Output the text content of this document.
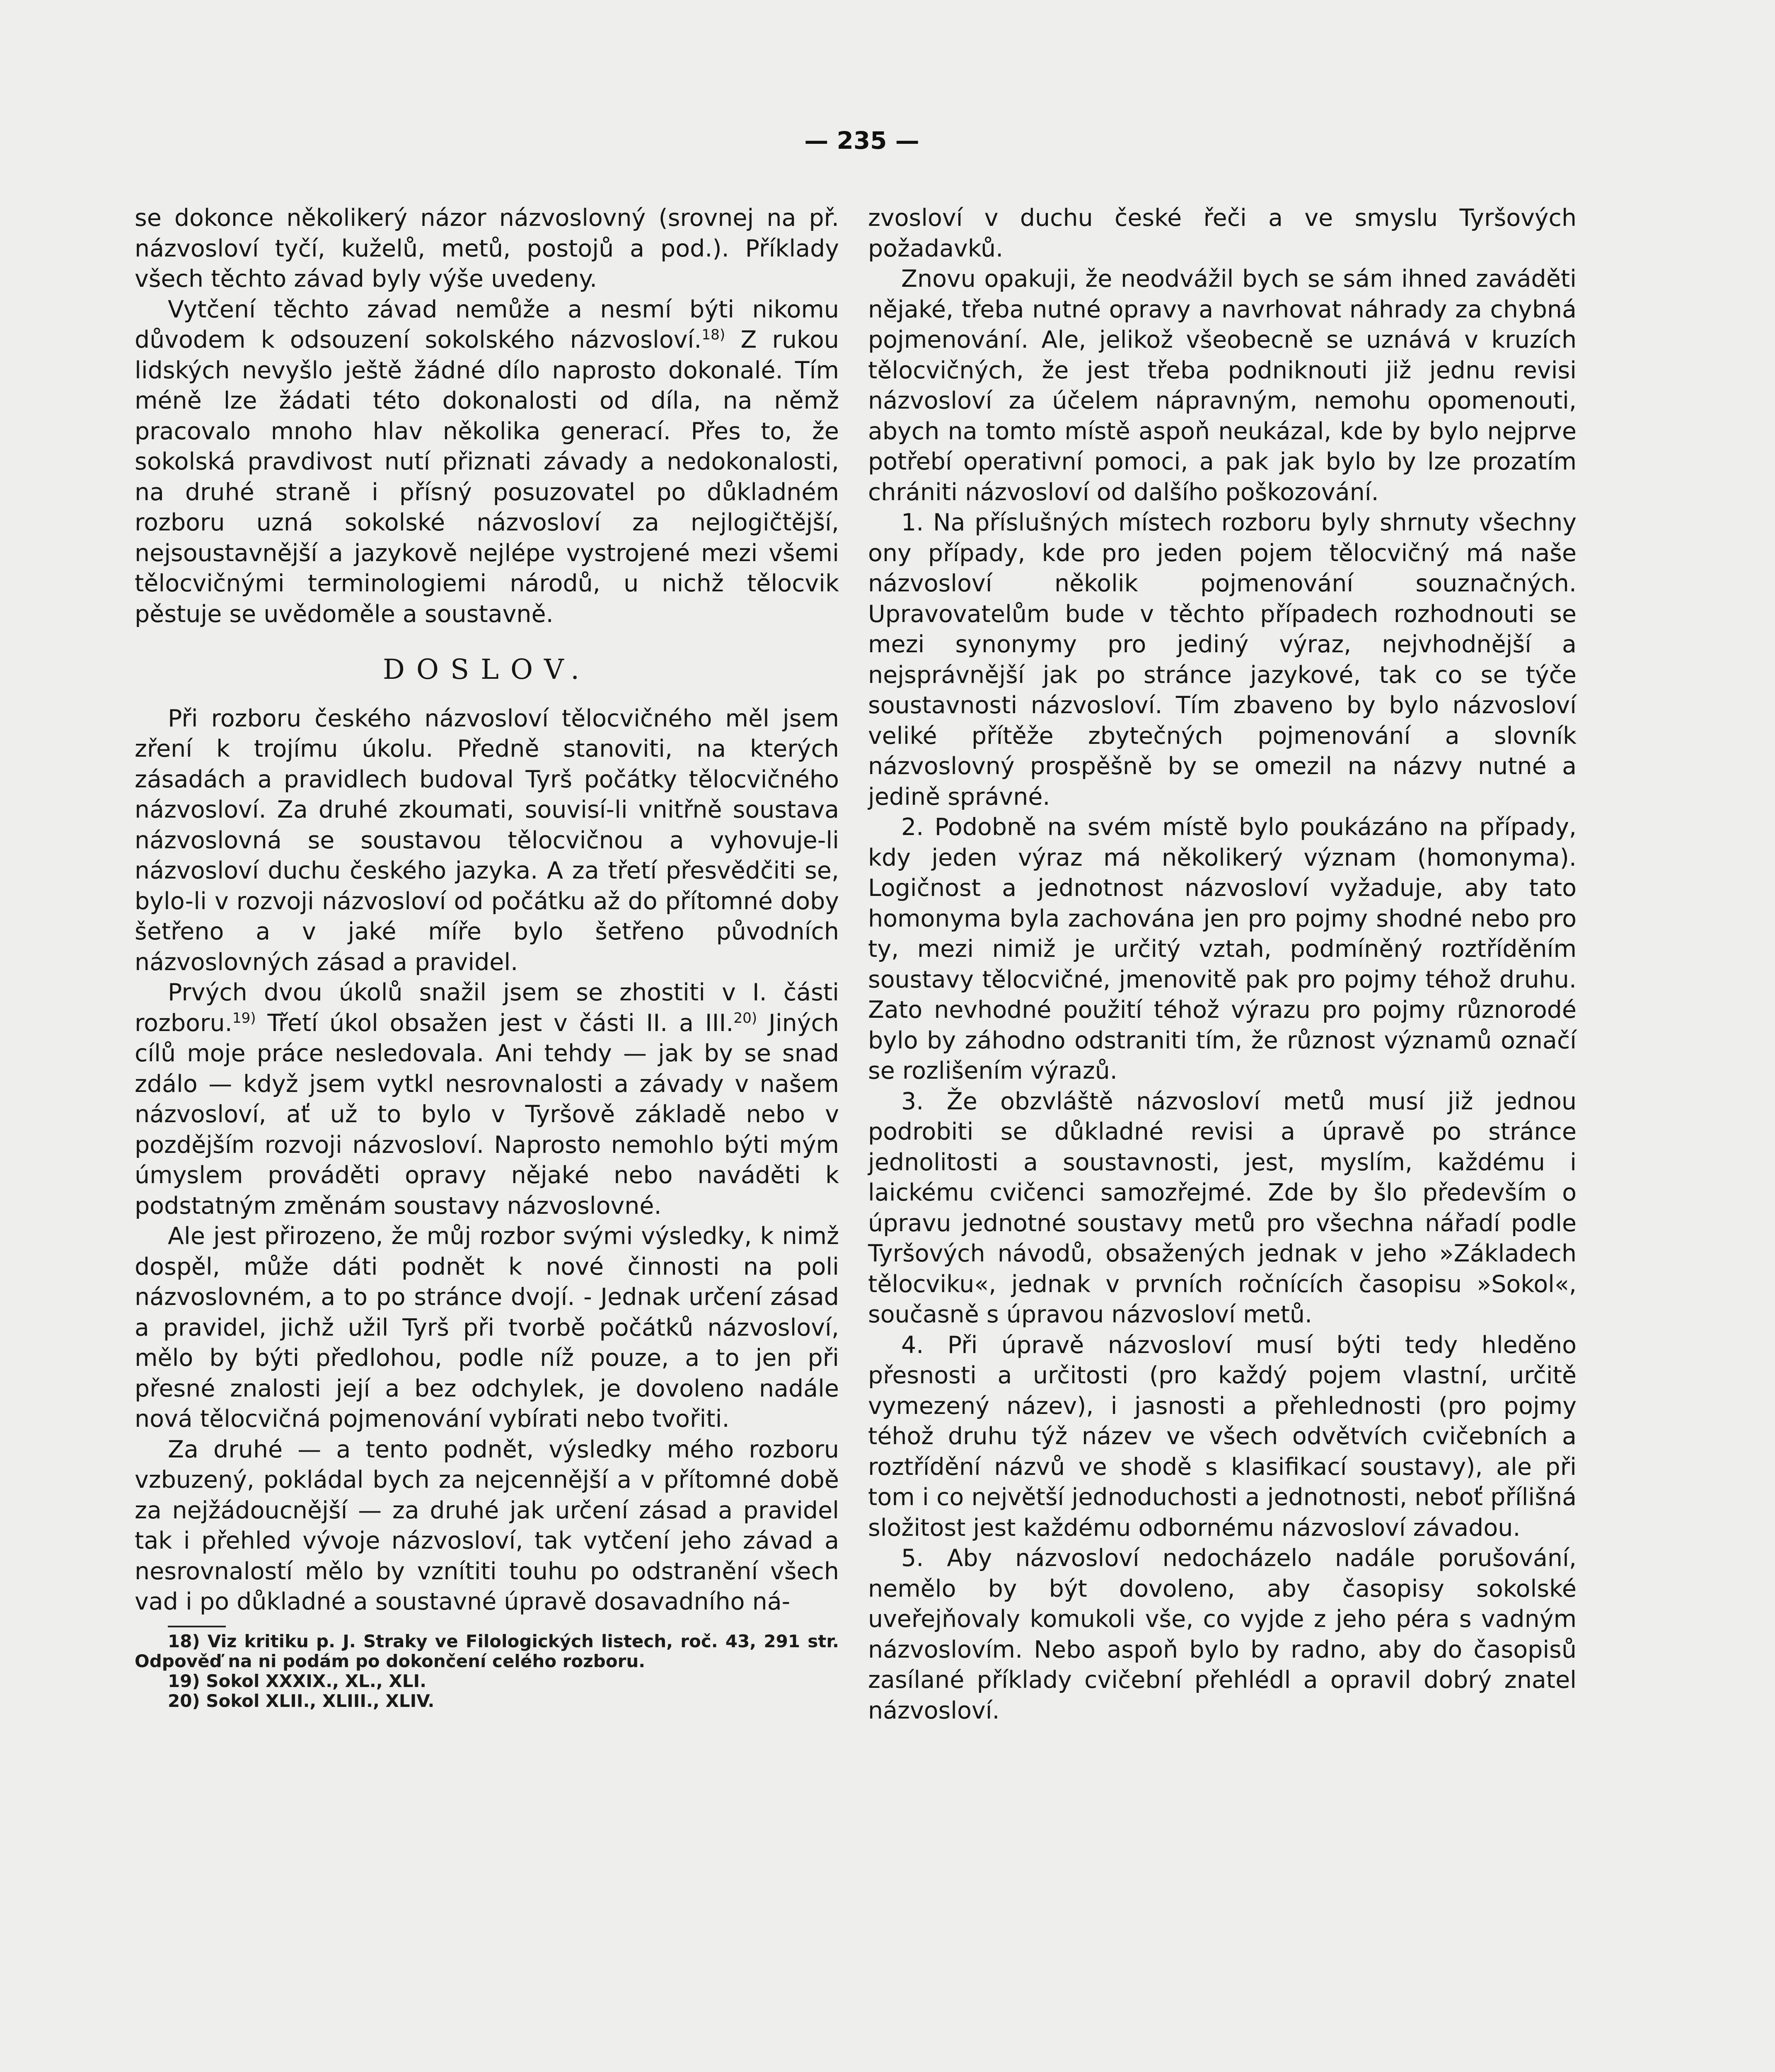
— 235 —

se dokonce několikerý názor názvoslovný (srovnej na př. názvosloví tyčí, kuželů, metů, postojů a pod.). Příklady všech těchto závad byly výše uvedeny.

Vytčení těchto závad nemůže a nesmí býti nikomu důvodem k odsouzení sokolského názvosloví.$^{18)}$ Z rukou lidských nevyšlo ještě žádné dílo naprosto dokonalé. Tím méně lze žádati této dokonalosti od díla, na němž pracovalo mnoho hlav několika generací. Přes to, že sokolská pravdivost nutí přiznati závady a nedokonalosti, na druhé straně i přísný posuzovatel po důkladném rozboru uzná sokolské názvosloví za nejlogičtější, nejsoustavnější a jazykově nejlépe vystrojené mezi všemi tělocvičnými terminologiemi národů, u nichž tělocvik pěstuje se uvědoměle a soustavně.

DOSLOV.

Při rozboru českého názvosloví tělocvičného měl jsem zření k trojímu úkolu. Předně stanoviti, na kterých zásadách a pravidlech budoval Tyrš počátky tělocvičného názvosloví. Za druhé zkoumati, souvisí-li vnitřně soustava názvoslovná se soustavou tělocvičnou a vyhovuje-li názvosloví duchu českého jazyka. A za třetí přesvědčiti se, bylo-li v rozvoji názvosloví od počátku až do přítomné doby šetřeno a v jaké míře bylo šetřeno původních názvoslovných zásad a pravidel.

Prvých dvou úkolů snažil jsem se zhostiti v I. části rozboru.$^{19)}$ Třetí úkol obsažen jest v části II. a III.$^{20)}$ Jiných cílů moje práce nesledovala. Ani tehdy — jak by se snad zdálo — když jsem vytkl nesrovnalosti a závady v našem názvosloví, ať už to bylo v Tyršově základě nebo v pozdějším rozvoji názvosloví. Naprosto nemohlo býti mým úmyslem prováděti opravy nějaké nebo naváděti k podstatným změnám soustavy názvoslovné.

Ale jest přirozeno, že můj rozbor svými výsledky, k nimž dospěl, může dáti podnět k nové činnosti na poli názvoslovném, a to po stránce dvojí. - Jednak určení zásad a pravidel, jichž užil Tyrš při tvorbě počátků názvosloví, mělo by býti předlohou, podle níž pouze, a to jen při přesné znalosti její a bez odchylek, je dovoleno nadále nová tělocvičná pojmenování vybírati nebo tvořiti.

Za druhé — a tento podnět, výsledky mého rozboru vzbuzený, pokládal bych za nejcennější a v přítomné době za nejžádoucnější — za druhé jak určení zásad a pravidel tak i přehled vývoje názvosloví, tak vytčení jeho závad a nesrovnalostí mělo by vznítiti touhu po odstranění všech vad i po důkladné a soustavné úpravě dosavadního ná-

18) Viz kritiku p. J. Straky ve Filologických listech, roč. 43, 291 str. Odpověď na ni podám po dokončení celého rozboru.

19) Sokol XXXIX., XL., XLI.

20) Sokol XLII., XLIII., XLIV.

zvosloví v duchu české řeči a ve smyslu Tyršových požadavků.

Znovu opakuji, že neodvážil bych se sám ihned zaváděti nějaké, třeba nutné opravy a navrhovat náhrady za chybná pojmenování. Ale, jelikož všeobecně se uznává v kruzích tělocvičných, že jest třeba podniknouti již jednu revisi názvosloví za účelem nápravným, nemohu opomenouti, abych na tomto místě aspoň neukázal, kde by bylo nejprve potřebí operativní pomoci, a pak jak bylo by lze prozatím chrániti názvosloví od dalšího poškozování.

1. Na příslušných místech rozboru byly shrnuty všechny ony případy, kde pro jeden pojem tělocvičný má naše názvosloví několik pojmenování souznačných. Upravovatelům bude v těchto případech rozhodnouti se mezi synonymy pro jediný výraz, nejvhodnější a nejsprávnější jak po stránce jazykové, tak co se týče soustavnosti názvosloví. Tím zbaveno by bylo názvosloví veliké přítěže zbytečných pojmenování a slovník názvoslovný prospěšně by se omezil na názvy nutné a jedině správné.

2. Podobně na svém místě bylo poukázáno na případy, kdy jeden výraz má několikerý význam (homonyma). Logičnost a jednotnost názvosloví vyžaduje, aby tato homonyma byla zachována jen pro pojmy shodné nebo pro ty, mezi nimiž je určitý vztah, podmíněný roztříděním soustavy tělocvičné, jmenovitě pak pro pojmy téhož druhu. Zato nevhodné použití téhož výrazu pro pojmy různorodé bylo by záhodno odstraniti tím, že různost významů označí se rozlišením výrazů.

3. Že obzvláště názvosloví metů musí již jednou podrobiti se důkladné revisi a úpravě po stránce jednolitosti a soustavnosti, jest, myslím, každému i laickému cvičenci samozřejmé. Zde by šlo především o úpravu jednotné soustavy metů pro všechna nářadí podle Tyršových návodů, obsažených jednak v jeho »Základech tělocviku«, jednak v prvních ročnících časopisu »Sokol«, současně s úpravou názvosloví metů.

4. Při úpravě názvosloví musí býti tedy hleděno přesnosti a určitosti (pro každý pojem vlastní, určitě vymezený název), i jasnosti a přehlednosti (pro pojmy téhož druhu týž název ve všech odvětvích cvičebních a roztřídění názvů ve shodě s klasifikací soustavy), ale při tom i co největší jednoduchosti a jednotnosti, neboť přílišná složitost jest každému odbornému názvosloví závadou.

5. Aby názvosloví nedocházelo nadále porušování, nemělo by být dovoleno, aby časopisy sokolské uveřejňovaly komukoli vše, co vyjde z jeho péra s vadným názvoslovím. Nebo aspoň bylo by radno, aby do časopisů zasílané příklady cvičební přehlédl a opravil dobrý znatel názvosloví.
